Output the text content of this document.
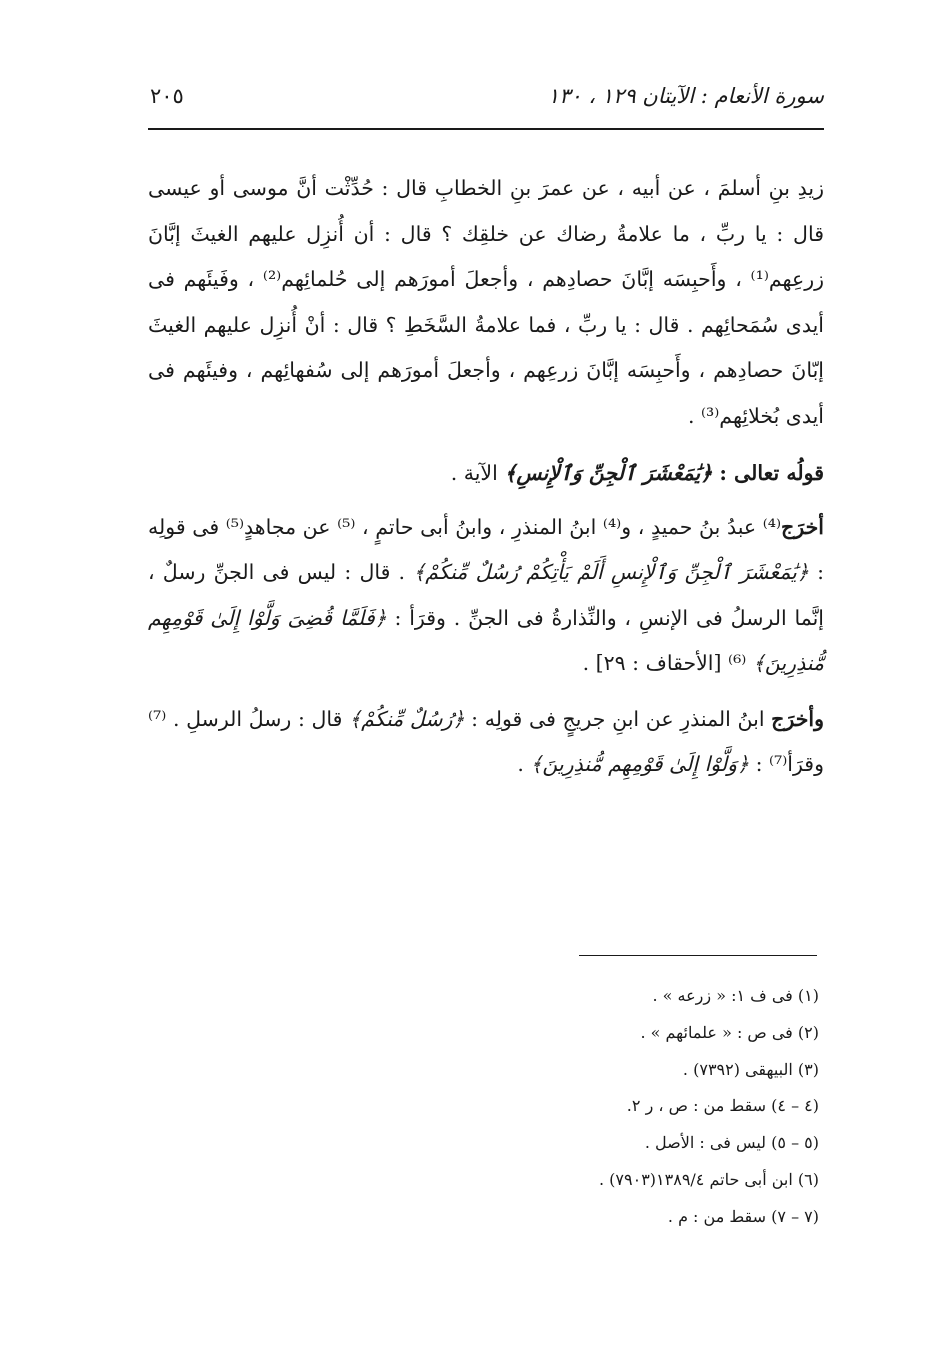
سورة الأنعام : الآيتان ١٢٩ ، ١٣٠
٢٠٥

زيدِ بنِ أسلمَ ، عن أبيه ، عن عمرَ بنِ الخطابِ قال : حُدِّثْت أنَّ موسى أو عيسى قال : يا ربِّ ، ما علامةُ رضاك عن خلقِك ؟ قال : أن أُنزِل عليهم الغيثَ إبَّانَ زرعِهم⁽¹⁾ ، وأَحبِسَه إبَّانَ حصادِهم ، وأجعلَ أمورَهم إلى حُلمائِهم⁽²⁾ ، وفَيئَهم فى أيدى سُمَحائِهم . قال : يا ربِّ ، فما علامةُ السَّخَطِ ؟ قال : أنْ أُنزِل عليهم الغيثَ إبّانَ حصادِهم ، وأَحبِسَه إبَّانَ زرعِهم ، وأجعلَ أمورَهم إلى سُفهائِهم ، وفيئَهم فى أيدى بُخلائِهم⁽³⁾ .

قولُه تعالى : ﴿يَٰمَعْشَرَ ٱلْجِنِّ وَٱلْإِنسِ﴾ الآية .

أخرَج⁽⁴⁾ عبدُ بنُ حميدٍ ، و⁽⁴⁾ ابنُ المنذرِ ، وابنُ أبى حاتمٍ ، ⁽⁵⁾ عن مجاهدٍ⁽⁵⁾ فى قولِه : ﴿يَٰمَعْشَرَ ٱلْجِنِّ وَٱلْإِنسِ أَلَمْ يَأْتِكُمْ رُسُلٌ مِّنكُمْ﴾ . قال : ليس فى الجنِّ رسلٌ ، إنَّما الرسلُ فى الإنسِ ، والنِّذارةُ فى الجنِّ . وقرَأ : ﴿فَلَمَّا قُضِىَ وَلَّوْا إِلَىٰ قَوْمِهِم مُّنذِرِينَ﴾ ⁽⁶⁾ [الأحقاف : ٢٩] .

وأخرَج ابنُ المنذرِ عن ابنِ جريجٍ فى قولِه : ﴿رُسُلٌ مِّنكُمْ﴾ قال : رسلُ الرسلِ . ⁽⁷⁾ وقرَأ⁽⁷⁾ : ﴿وَلَّوْا إِلَىٰ قَوْمِهِم مُّنذِرِينَ﴾ .

(١) فى ف ١: « زرعه » .
(٢) فى ص : « علمائهم » .
(٣) البيهقى (٧٣٩٢) .
(٤ – ٤) سقط من : ص ، ر ٢.
(٥ – ٥) ليس فى : الأصل .
(٦) ابن أبى حاتم ١٣٨٩/٤(٧٩٠٣) .
(٧ – ٧) سقط من : م .
